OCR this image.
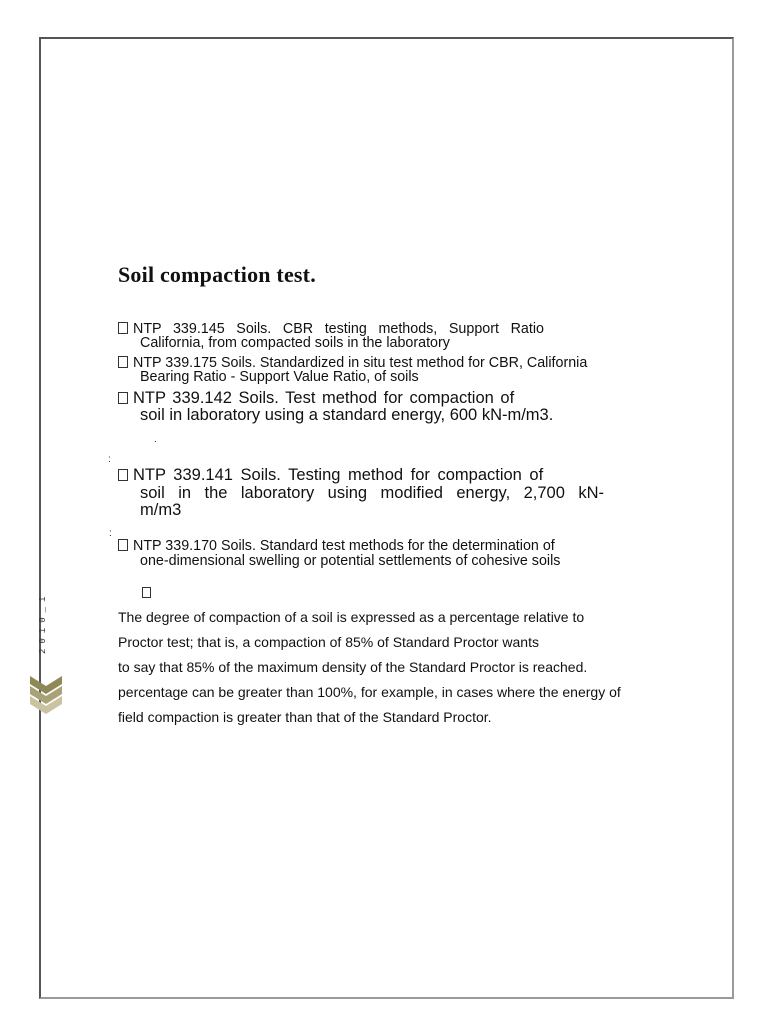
Soil compaction test.
NTP 339.145 Soils. CBR testing methods, Support Ratio
California, from compacted soils in the laboratory
NTP 339.175 Soils. Standardized in situ test method for CBR, California
Bearing Ratio - Support Value Ratio, of soils
NTP 339.142 Soils. Test method for compaction of
soil in laboratory using a standard energy, 600 kN-m/m3.
.
:
NTP 339.141 Soils. Testing method for compaction of
soil in the laboratory using modified energy, 2,700 kN-
m/m3
:
NTP 339.170 Soils. Standard test methods for the determination of
one-dimensional swelling or potential settlements of cohesive soils
The degree of compaction of a soil is expressed as a percentage relative to
Proctor test; that is, a compaction of 85% of Standard Proctor wants
to say that 85% of the maximum density of the Standard Proctor is reached.
percentage can be greater than 100%, for example, in cases where the energy of
field compaction is greater than that of the Standard Proctor.
2010_1
